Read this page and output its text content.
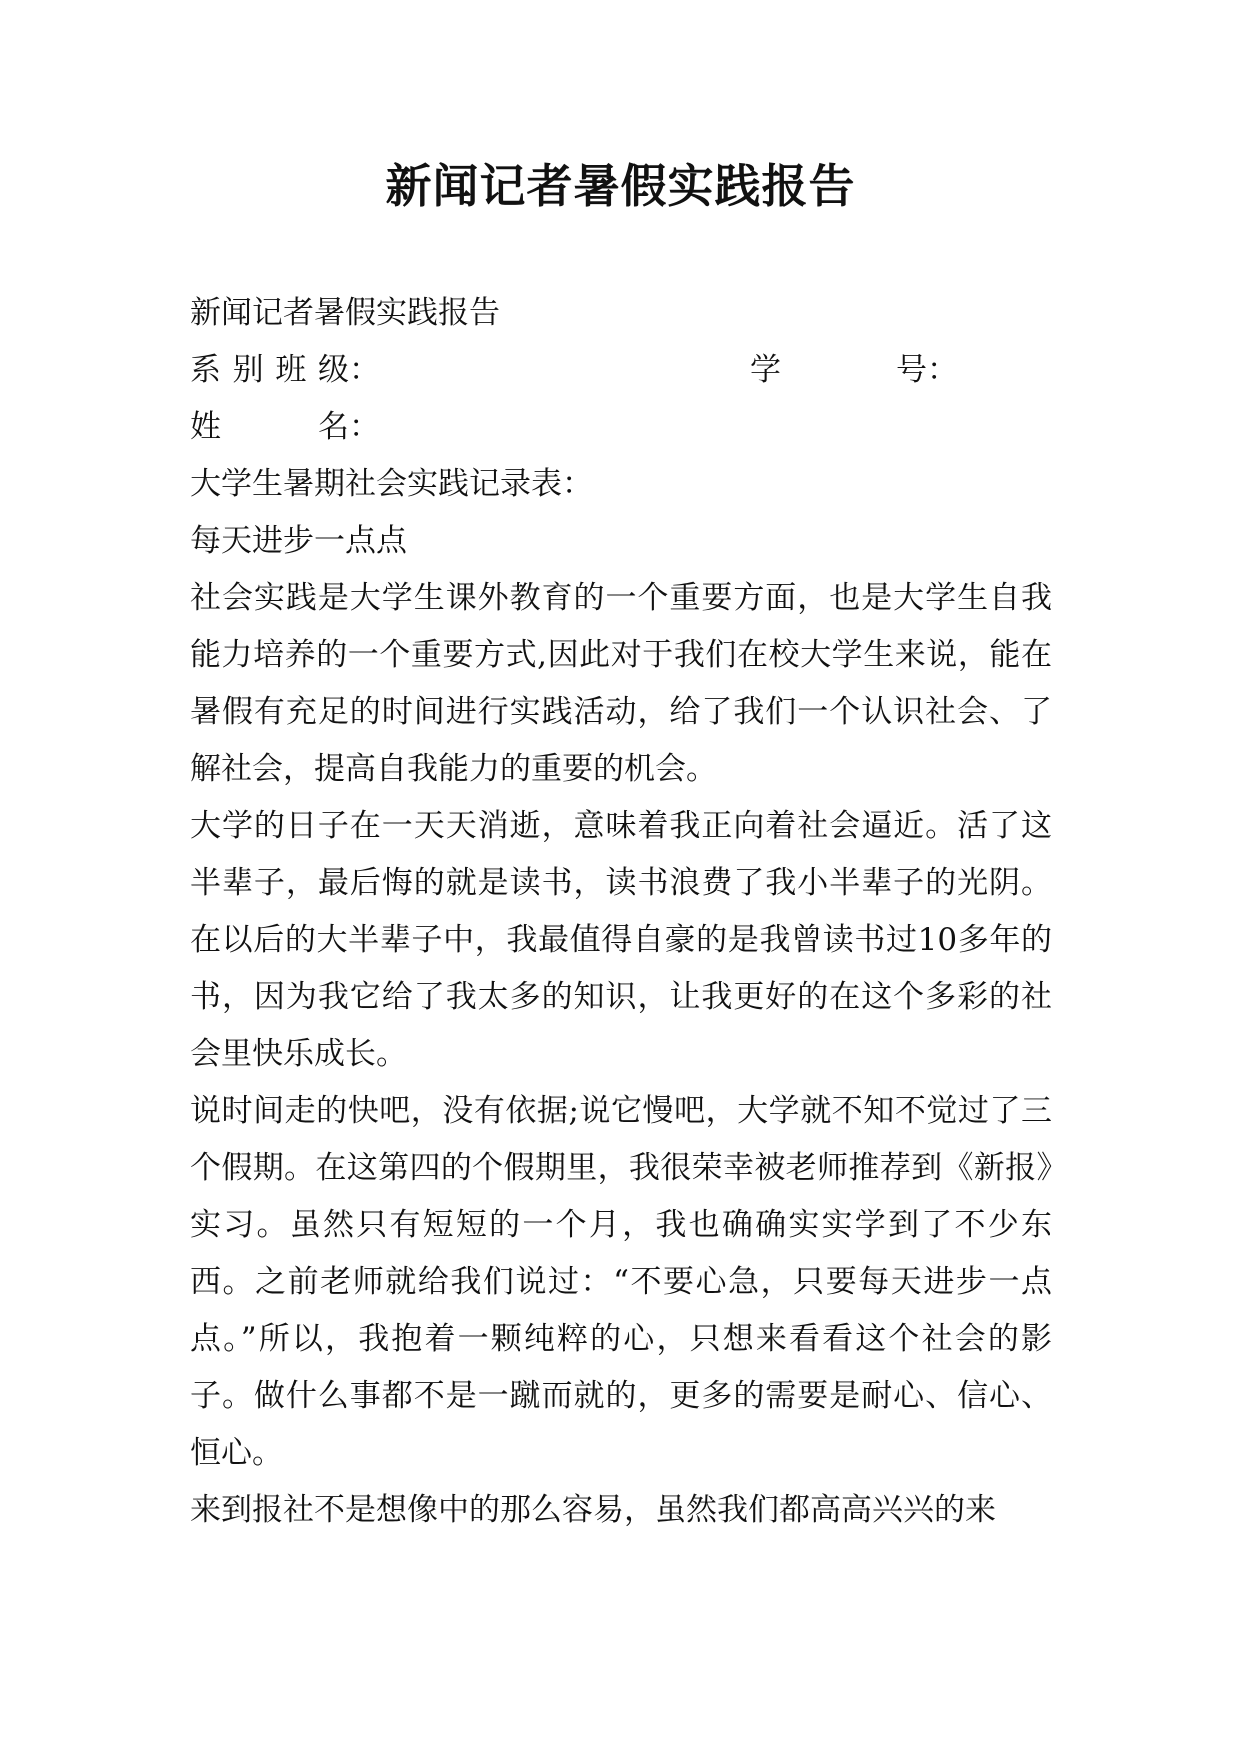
新闻记者暑假实践报告

新闻记者暑假实践报告

系 别 班 级：	学	号：
姓	名：

大学生暑期社会实践记录表：

每天进步一点点

社会实践是大学生课外教育的一个重要方面，也是大学生自我能力培养的一个重要方式,因此对于我们在校大学生来说，能在暑假有充足的时间进行实践活动，给了我们一个认识社会、了解社会，提高自我能力的重要的机会。

大学的日子在一天天消逝，意味着我正向着社会逼近。活了这半辈子，最后悔的就是读书，读书浪费了我小半辈子的光阴。在以后的大半辈子中，我最值得自豪的是我曾读书过10多年的书，因为我它给了我太多的知识，让我更好的在这个多彩的社会里快乐成长。

说时间走的快吧，没有依据;说它慢吧，大学就不知不觉过了三个假期。在这第四的个假期里，我很荣幸被老师推荐到《新报》实习。虽然只有短短的一个月，我也确确实实学到了不少东西。之前老师就给我们说过：“不要心急，只要每天进步一点点。”所以，我抱着一颗纯粹的心，只想来看看这个社会的影子。做什么事都不是一蹴而就的，更多的需要是耐心、信心、恒心。

来到报社不是想像中的那么容易，虽然我们都高高兴兴的来
